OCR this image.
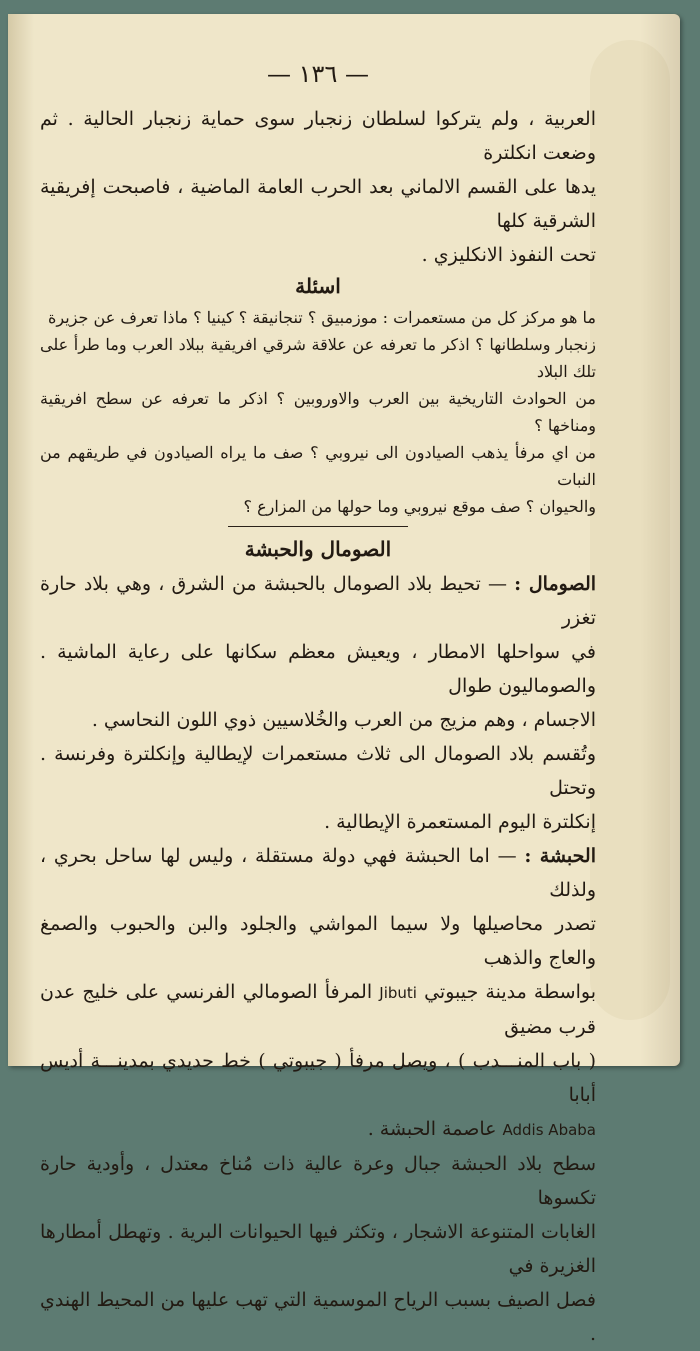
— ١٣٦ —

العربية ، ولم يتركوا لسلطان زنجبار سوى حماية زنجبار الحالية . ثم وضعت انكلترة

يدها على القسم الالماني بعد الحرب العامة الماضية ، فاصبحت إفريقية الشرقية كلها

تحت النفوذ الانكليزي .

اسئلة

ما هو مركز كل من مستعمرات : موزمبيق ؟ تنجانيقة ؟ كينيا ؟ ماذا تعرف عن جزيرة

زنجبار وسلطانها ؟ اذكر ما تعرفه عن علاقة شرقي افريقية ببلاد العرب وما طرأ على تلك البلاد

من الحوادث التاريخية بين العرب والاوروبين ؟ اذكر ما تعرفه عن سطح افريقية ومناخها ؟

من اي مرفأ يذهب الصيادون الى نيروبي ؟ صف ما يراه الصيادون في طريقهم من النبات

والحيوان ؟ صف موقع نيروبي وما حولها من المزارع ؟

الصومال والحبشة

الصومال : — تحيط بلاد الصومال بالحبشة من الشرق ، وهي بلاد حارة تغزر

في سواحلها الامطار ، ويعيش معظم سكانها على رعاية الماشية . والصوماليون طوال

الاجسام ، وهم مزيج من العرب والخُلاسيين ذوي اللون النحاسي .

وتُقسم بلاد الصومال الى ثلاث مستعمرات لإيطالية وإنكلترة وفرنسة . وتحتل

إنكلترة اليوم المستعمرة الإيطالية .

الحبشة : — اما الحبشة فهي دولة مستقلة ، وليس لها ساحل بحري ، ولذلك

تصدر محاصيلها ولا سيما المواشي والجلود والبن والحبوب والصمغ والعاج والذهب

بواسطة مدينة جيبوتي Jibuti المرفأ الصومالي الفرنسي على خليج عدن قرب مضيق

( باب المنـــدب ) ، ويصل مرفأ ( جيبوتي ) خط حديدي بمدينـــة أديس أبابا

Addis Ababa عاصمة الحبشة .

سطح بلاد الحبشة جبال وعرة عالية ذات مُناخ معتدل ، وأودية حارة تكسوها

الغابات المتنوعة الاشجار ، وتكثر فيها الحيوانات البرية . وتهطل أمطارها الغزيرة في

فصل الصيف بسبب الرياح الموسمية التي تهب عليها من المحيط الهندي .
